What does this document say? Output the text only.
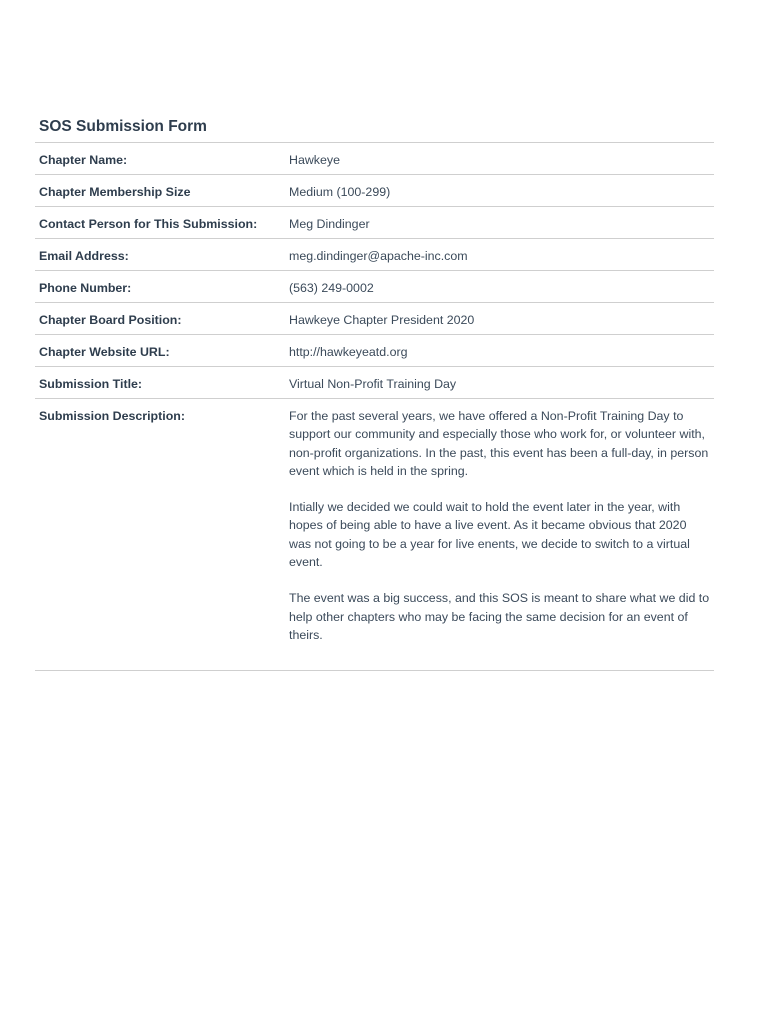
SOS Submission Form
Chapter Name:	Hawkeye
Chapter Membership Size	Medium (100-299)
Contact Person for This Submission:	Meg Dindinger
Email Address:	meg.dindinger@apache-inc.com
Phone Number:	(563) 249-0002
Chapter Board Position:	Hawkeye Chapter President 2020
Chapter Website URL:	http://hawkeyeatd.org
Submission Title:	Virtual Non-Profit Training Day
Submission Description:	For the past several years, we have offered a Non-Profit Training Day to support our community and especially those who work for, or volunteer with, non-profit organizations. In the past, this event has been a full-day, in person event which is held in the spring.

Intially we decided we could wait to hold the event later in the year, with hopes of being able to have a live event. As it became obvious that 2020 was not going to be a year for live enents, we decide to switch to a virtual event.

The event was a big success, and this SOS is meant to share what we did to help other chapters who may be facing the same decision for an event of theirs.
